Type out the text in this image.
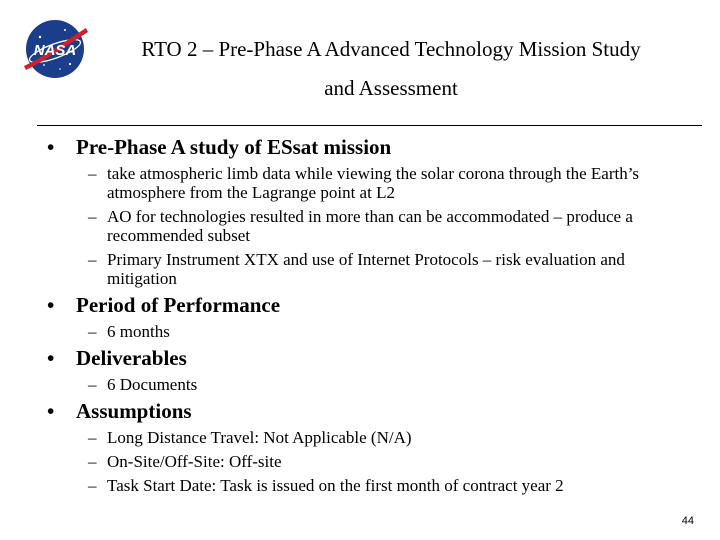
NASA	RTO 2 – Pre-Phase A Advanced Technology Mission Study
and Assessment
• Pre-Phase A study of ESsat mission
– take atmospheric limb data while viewing the solar corona through the Earth’s atmosphere from the Lagrange point at L2
– AO for technologies resulted in more than can be accommodated – produce a recommended subset
– Primary Instrument XTX and use of Internet Protocols – risk evaluation and mitigation
• Period of Performance
– 6 months
• Deliverables
– 6 Documents
• Assumptions
– Long Distance Travel: Not Applicable (N/A)
– On-Site/Off-Site: Off-site
– Task Start Date: Task is issued on the first month of contract year 2
44
